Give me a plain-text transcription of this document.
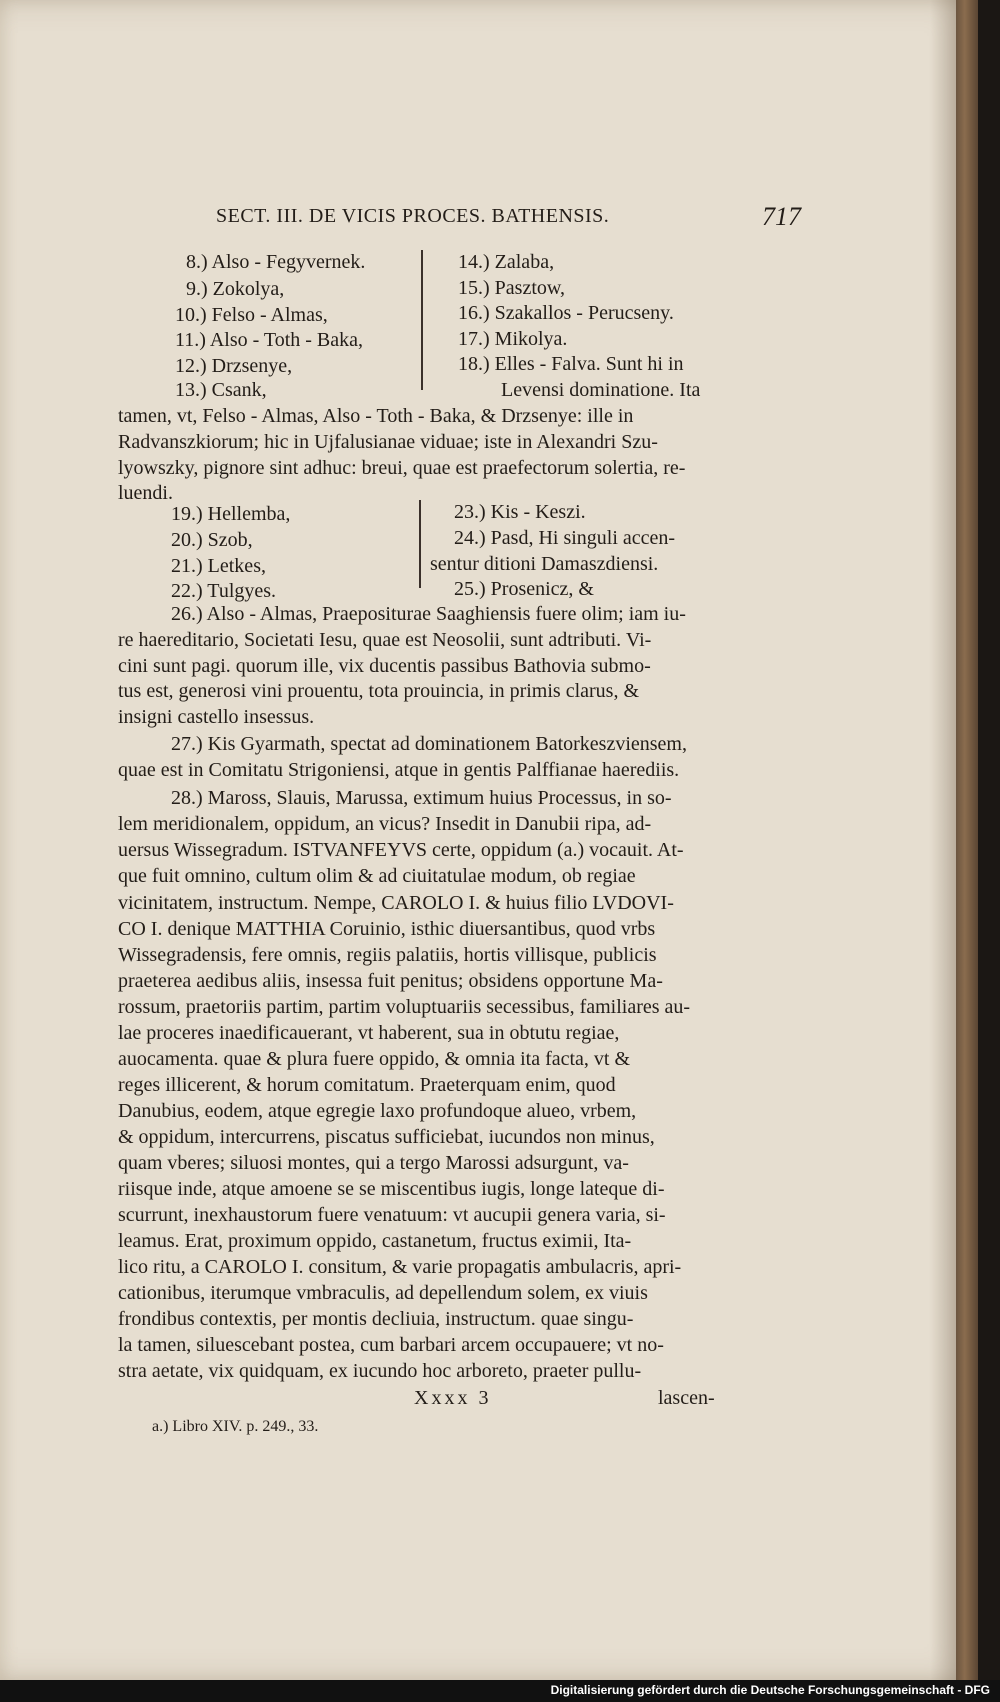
SECT. III. DE VICIS PROCES. BATHENSIS.	717
8.) Also - Fegyvernek.
9.) Zokolya,
10.) Felso - Almas,
11.) Also - Toth - Baka,
12.) Drzsenye,
13.) Csank,
14.) Zalaba,
15.) Pasztow,
16.) Szakallos - Perucseny.
17.) Mikolya.
18.) Elles - Falva. Sunt hi in
Levensi dominatione. Ita
tamen, vt, Felso - Almas, Also - Toth - Baka, & Drzsenye: ille in
Radvanszkiorum; hic in Ujfalusianae viduae; iste in Alexandri Szu-
lyowszky, pignore sint adhuc: breui, quae est praefectorum solertia, re-
luendi.
19.) Hellemba,
20.) Szob,
21.) Letkes,
22.) Tulgyes.
23.) Kis - Keszi.
24.) Pasd, Hi singuli accen-
sentur ditioni Damaszdiensi.
25.) Prosenicz, &
26.) Also - Almas, Praepositurae Saaghiensis fuere olim; iam iu-
re haereditario, Societati Iesu, quae est Neosolii, sunt adtributi. Vi-
cini sunt pagi. quorum ille, vix ducentis passibus Bathovia submo-
tus est, generosi vini prouentu, tota prouincia, in primis clarus, &
insigni castello insessus.
27.) Kis Gyarmath, spectat ad dominationem Batorkeszviensem,
quae est in Comitatu Strigoniensi, atque in gentis Palffianae haerediis.
28.) Maross, Slauis, Marussa, extimum huius Processus, in so-
lem meridionalem, oppidum, an vicus? Insedit in Danubii ripa, ad-
uersus Wissegradum. ISTVANFEYVS certe, oppidum (a.) vocauit. At-
que fuit omnino, cultum olim & ad ciuitatulae modum, ob regiae
vicinitatem, instructum. Nempe, CAROLO I. & huius filio LVDOVI-
CO I. denique MATTHIA Coruinio, isthic diuersantibus, quod vrbs
Wissegradensis, fere omnis, regiis palatiis, hortis villisque, publicis
praeterea aedibus aliis, insessa fuit penitus; obsidens opportune Ma-
rossum, praetoriis partim, partim voluptuariis secessibus, familiares au-
lae proceres inaedificauerant, vt haberent, sua in obtutu regiae,
auocamenta. quae & plura fuere oppido, & omnia ita facta, vt &
reges illicerent, & horum comitatum. Praeterquam enim, quod
Danubius, eodem, atque egregie laxo profundoque alueo, vrbem,
& oppidum, intercurrens, piscatus sufficiebat, iucundos non minus,
quam vberes; siluosi montes, qui a tergo Marossi adsurgunt, va-
riisque inde, atque amoene se se miscentibus iugis, longe lateque di-
scurrunt, inexhaustorum fuere venatuum: vt aucupii genera varia, si-
leamus. Erat, proximum oppido, castanetum, fructus eximii, Ita-
lico ritu, a CAROLO I. consitum, & varie propagatis ambulacris, apri-
cationibus, iterumque vmbraculis, ad depellendum solem, ex viuis
frondibus contextis, per montis decliuia, instructum. quae singu-
la tamen, siluescebant postea, cum barbari arcem occupauere; vt no-
stra aetate, vix quidquam, ex iucundo hoc arboreto, praeter pullu-
Xxxx 3	lascen-
a.) Libro XIV. p. 249., 33.
Digitalisierung gefördert durch die Deutsche Forschungsgemeinschaft - DFG
